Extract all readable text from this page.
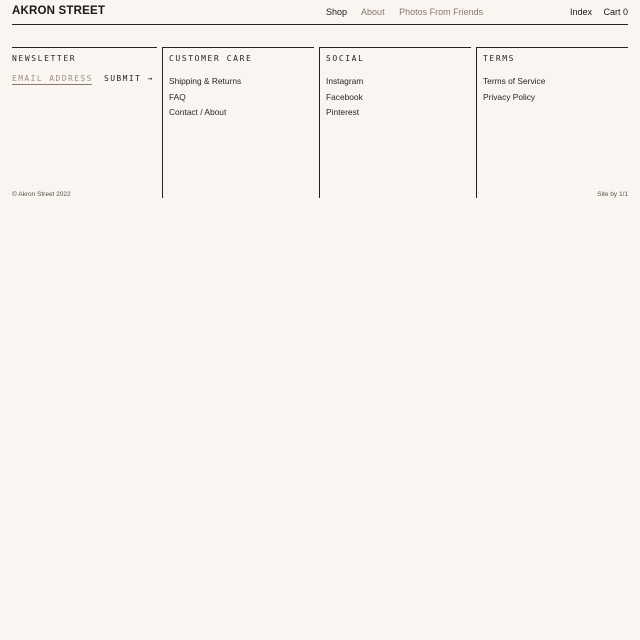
AKRON STREET	Shop About Photos From Friends	Index Cart 0
NEWSLETTER
EMAIL ADDRESS SUBMIT →
CUSTOMER CARE
Shipping & Returns
FAQ
Contact / About
SOCIAL
Instagram
Facebook
Pinterest
TERMS
Terms of Service
Privacy Policy
© Akron Street 2022	Site by 1/1
